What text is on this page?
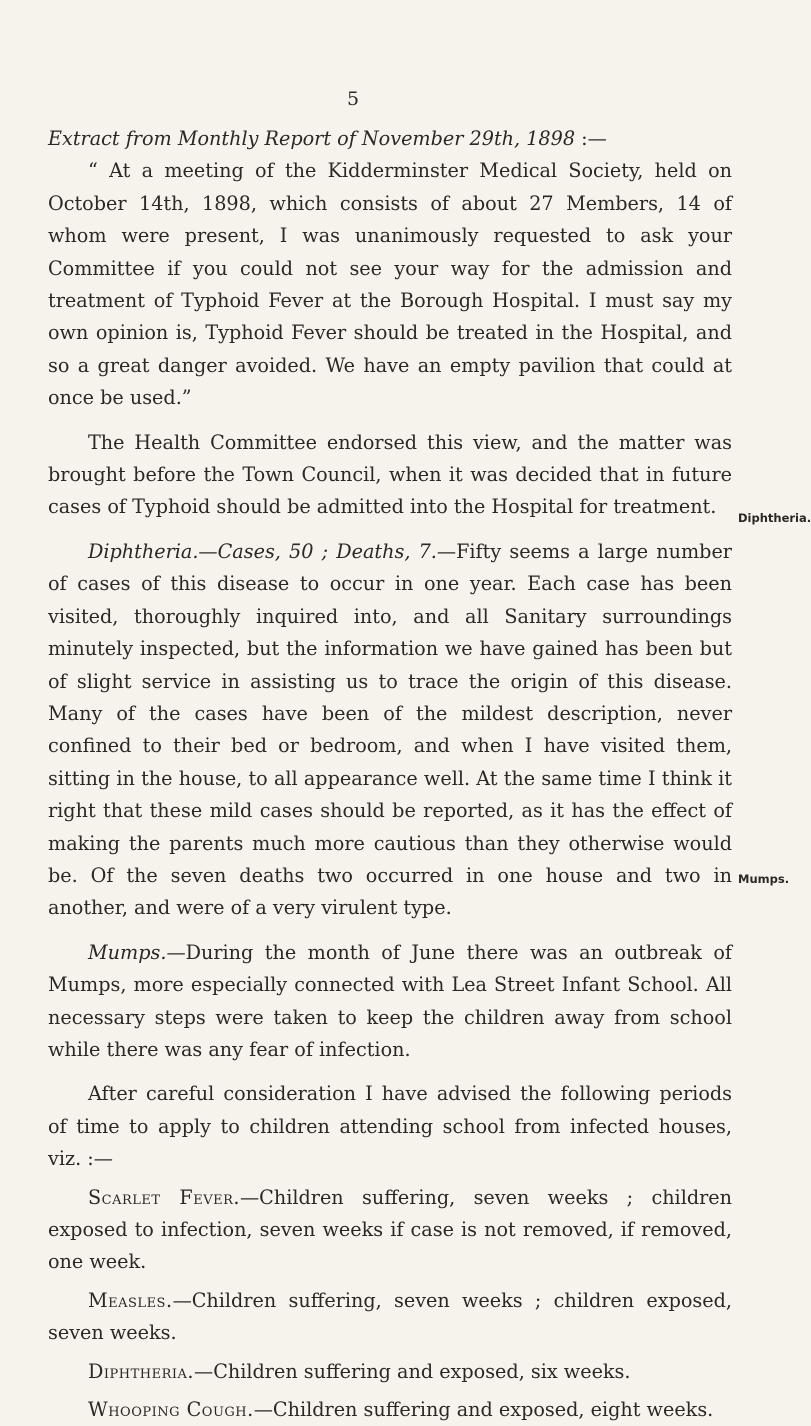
5
Diphtheria.
Mumps.

Extract from Monthly Report of November 29th, 1898 :—

“ At a meeting of the Kidderminster Medical Society, held on October 14th, 1898, which consists of about 27 Members, 14 of whom were present, I was unanimously requested to ask your Committee if you could not see your way for the admission and treatment of Typhoid Fever at the Borough Hospital. I must say my own opinion is, Typhoid Fever should be treated in the Hospital, and so a great danger avoided. We have an empty pavilion that could at once be used.”

The Health Committee endorsed this view, and the matter was brought before the Town Council, when it was decided that in future cases of Typhoid should be admitted into the Hospital for treatment.

Diphtheria.—Cases, 50 ; Deaths, 7.—Fifty seems a large number of cases of this disease to occur in one year. Each case has been visited, thoroughly inquired into, and all Sanitary surroundings minutely inspected, but the information we have gained has been but of slight service in assisting us to trace the origin of this disease. Many of the cases have been of the mildest description, never confined to their bed or bedroom, and when I have visited them, sitting in the house, to all appearance well. At the same time I think it right that these mild cases should be reported, as it has the effect of making the parents much more cautious than they otherwise would be. Of the seven deaths two occurred in one house and two in another, and were of a very virulent type.

Mumps.—During the month of June there was an outbreak of Mumps, more especially connected with Lea Street Infant School. All necessary steps were taken to keep the children away from school while there was any fear of infection.

After careful consideration I have advised the following periods of time to apply to children attending school from infected houses, viz. :—

Scarlet Fever.—Children suffering, seven weeks ; children exposed to infection, seven weeks if case is not removed, if removed, one week.

Measles.—Children suffering, seven weeks ; children exposed, seven weeks.

Diphtheria.—Children suffering and exposed, six weeks.

Whooping Cough.—Children suffering and exposed, eight weeks.
